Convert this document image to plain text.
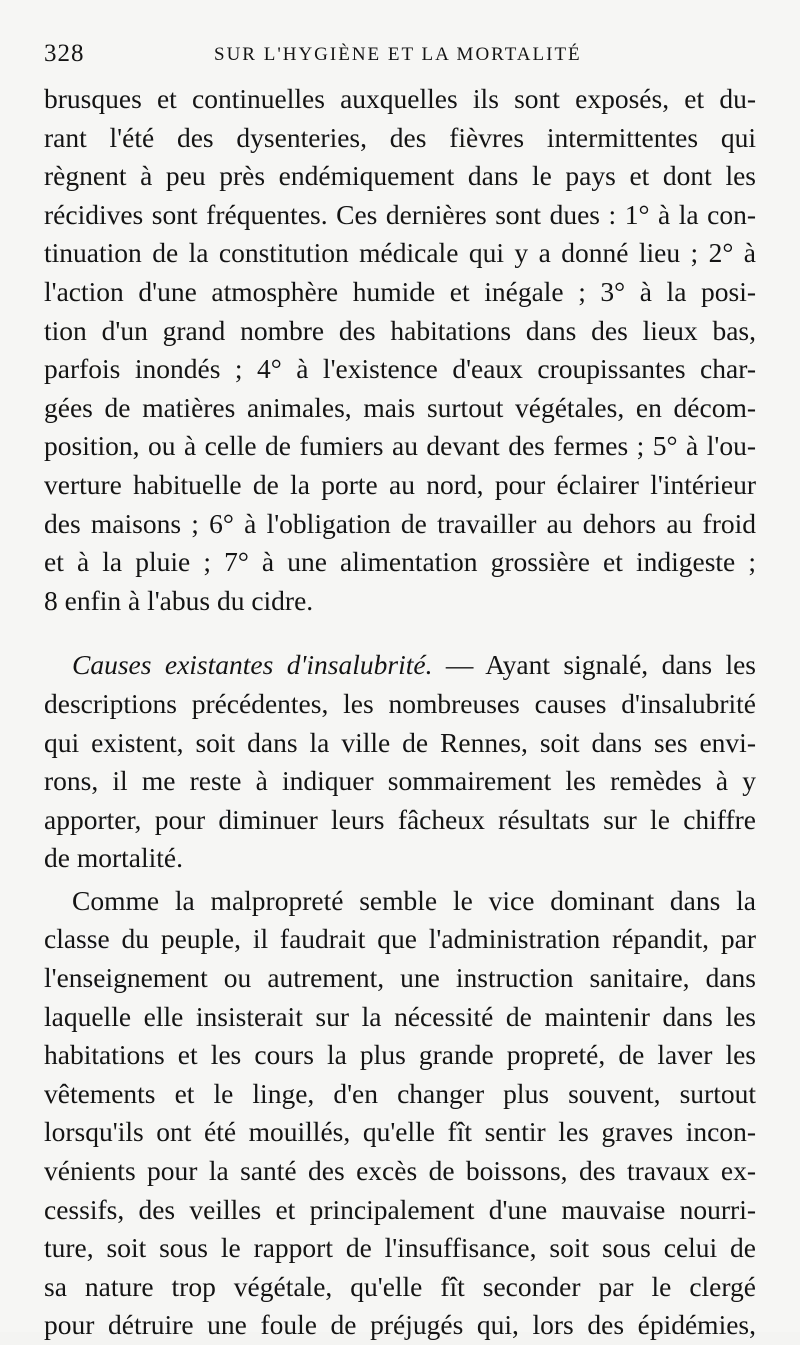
328	SUR L'HYGIÈNE ET LA MORTALITÉ
brusques et continuelles auxquelles ils sont exposés, et du-
rant l'été des dysenteries, des fièvres intermittentes qui
règnent à peu près endémiquement dans le pays et dont les
récidives sont fréquentes. Ces dernières sont dues : 1° à la con-
tinuation de la constitution médicale qui y a donné lieu ; 2° à
l'action d'une atmosphère humide et inégale ; 3° à la posi-
tion d'un grand nombre des habitations dans des lieux bas,
parfois inondés ; 4° à l'existence d'eaux croupissantes char-
gées de matières animales, mais surtout végétales, en décom-
position, ou à celle de fumiers au devant des fermes ; 5° à l'ou-
verture habituelle de la porte au nord, pour éclairer l'intérieur
des maisons ; 6° à l'obligation de travailler au dehors au froid
et à la pluie ; 7° à une alimentation grossière et indigeste ;
8 enfin à l'abus du cidre.
Causes existantes d'insalubrité. — Ayant signalé, dans les
descriptions précédentes, les nombreuses causes d'insalubrité
qui existent, soit dans la ville de Rennes, soit dans ses envi-
rons, il me reste à indiquer sommairement les remèdes à y
apporter, pour diminuer leurs fâcheux résultats sur le chiffre
de mortalité.
Comme la malpropreté semble le vice dominant dans la
classe du peuple, il faudrait que l'administration répandit, par
l'enseignement ou autrement, une instruction sanitaire, dans
laquelle elle insisterait sur la nécessité de maintenir dans les
habitations et les cours la plus grande propreté, de laver les
vêtements et le linge, d'en changer plus souvent, surtout
lorsqu'ils ont été mouillés, qu'elle fît sentir les graves incon-
vénients pour la santé des excès de boissons, des travaux ex-
cessifs, des veilles et principalement d'une mauvaise nourri-
ture, soit sous le rapport de l'insuffisance, soit sous celui de
sa nature trop végétale, qu'elle fît seconder par le clergé
pour détruire une foule de préjugés qui, lors des épidémies,
